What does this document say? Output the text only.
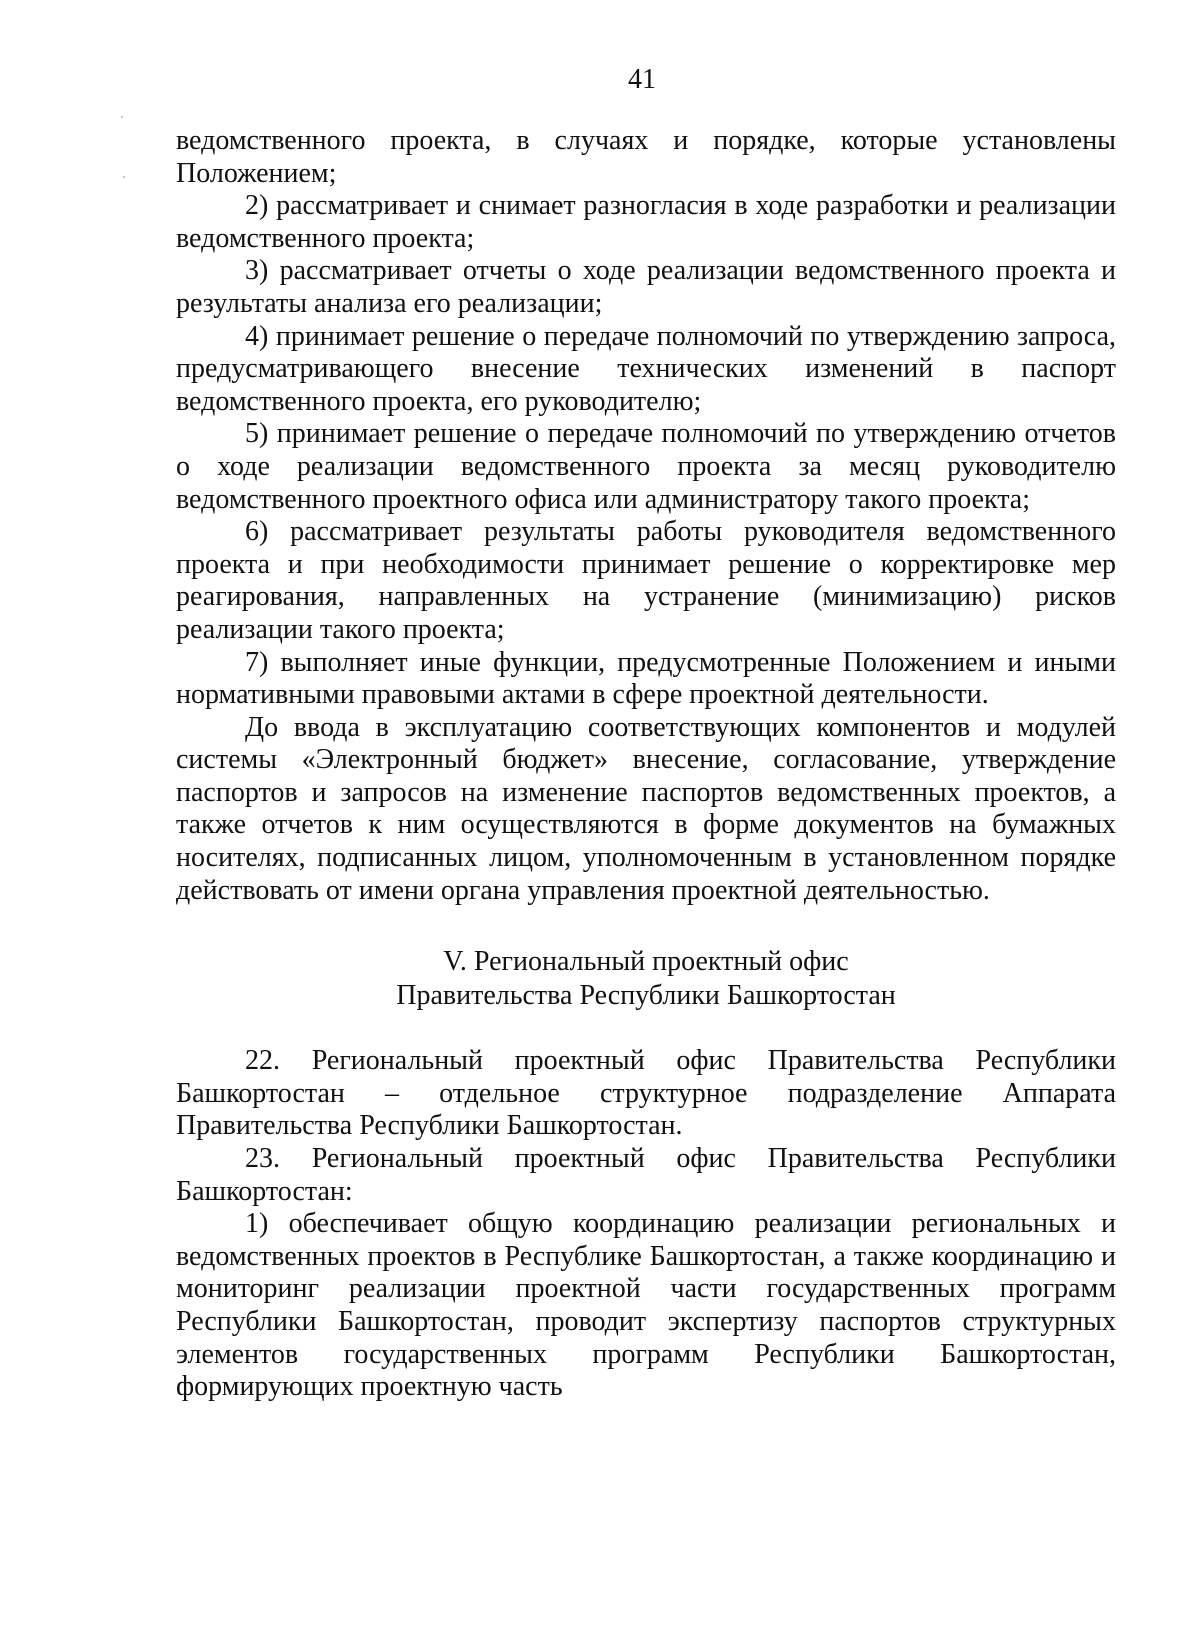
41

ведомственного проекта, в случаях и порядке, которые установлены Положением;

2) рассматривает и снимает разногласия в ходе разработки и реализации ведомственного проекта;

3) рассматривает отчеты о ходе реализации ведомственного проекта и результаты анализа его реализации;

4) принимает решение о передаче полномочий по утверждению запроса, предусматривающего внесение технических изменений в паспорт ведомственного проекта, его руководителю;

5) принимает решение о передаче полномочий по утверждению отчетов о ходе реализации ведомственного проекта за месяц руководителю ведомственного проектного офиса или администратору такого проекта;

6) рассматривает результаты работы руководителя ведомственного проекта и при необходимости принимает решение о корректировке мер реагирования, направленных на устранение (минимизацию) рисков реализации такого проекта;

7) выполняет иные функции, предусмотренные Положением и иными нормативными правовыми актами в сфере проектной деятельности.

До ввода в эксплуатацию соответствующих компонентов и модулей системы «Электронный бюджет» внесение, согласование, утверждение паспортов и запросов на изменение паспортов ведомственных проектов, а также отчетов к ним осуществляются в форме документов на бумажных носителях, подписанных лицом, уполномоченным в установленном порядке действовать от имени органа управления проектной деятельностью.

V. Региональный проектный офис
Правительства Республики Башкортостан

22. Региональный проектный офис Правительства Республики Башкортостан – отдельное структурное подразделение Аппарата Правительства Республики Башкортостан.

23. Региональный проектный офис Правительства Республики Башкортостан:

1) обеспечивает общую координацию реализации региональных и ведомственных проектов в Республике Башкортостан, а также координацию и мониторинг реализации проектной части государственных программ Республики Башкортостан, проводит экспертизу паспортов структурных элементов государственных программ Республики Башкортостан, формирующих проектную часть
